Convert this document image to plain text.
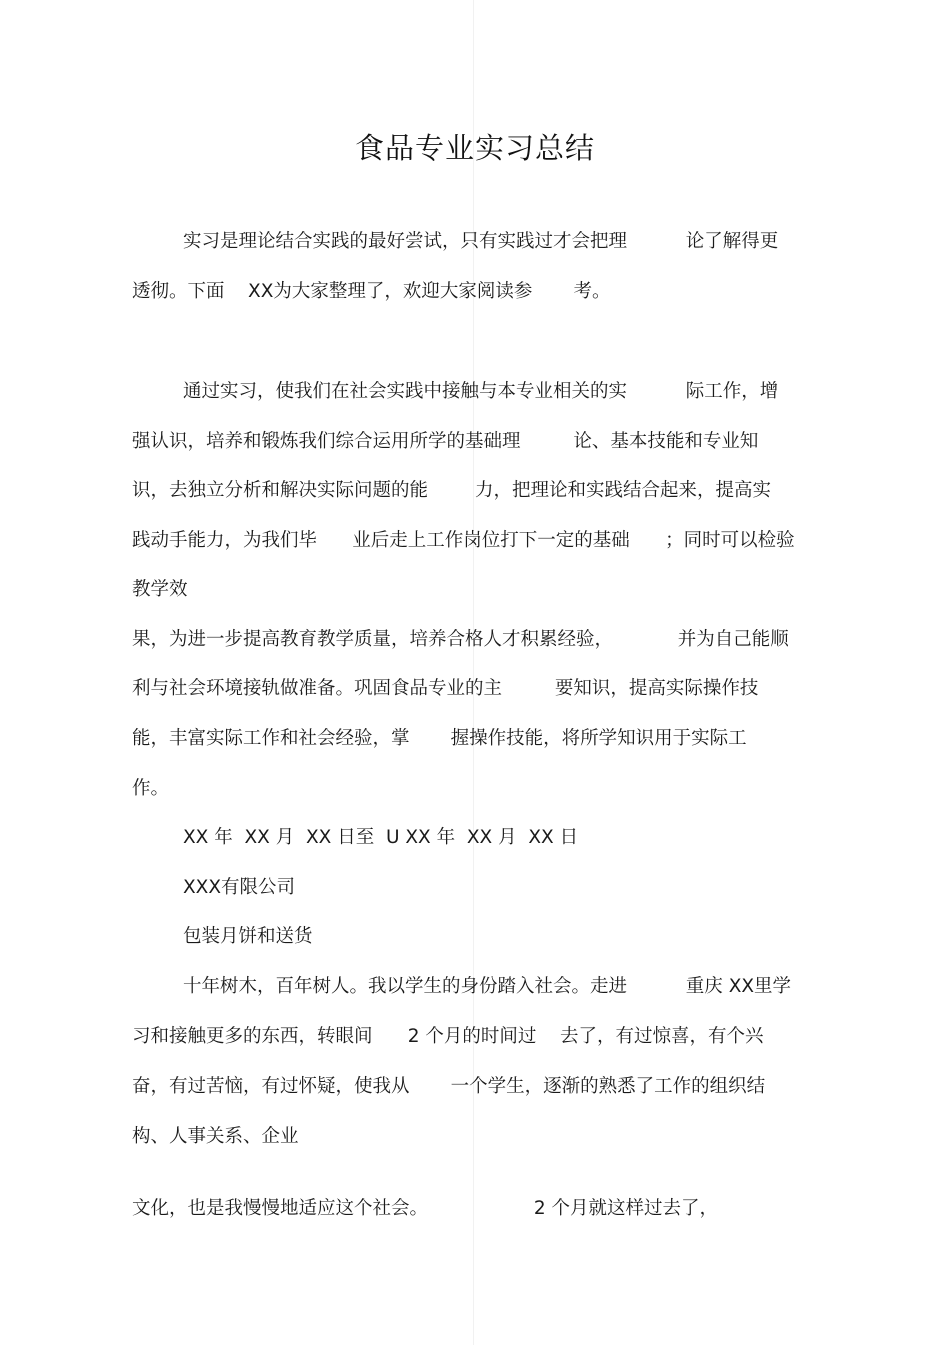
食品专业实习总结
实习是理论结合实践的最好尝试，只有实践过才会把理          论了解得更
透彻。下面    XX为大家整理了，欢迎大家阅读参       考。
通过实习，使我们在社会实践中接触与本专业相关的实          际工作，增
强认识，培养和锻炼我们综合运用所学的基础理         论、基本技能和专业知
识，去独立分析和解决实际问题的能        力，把理论和实践结合起来，提高实
践动手能力，为我们毕      业后走上工作岗位打下一定的基础      ；同时可以检验
教学效
果，为进一步提高教育教学质量，培养合格人才积累经验，           并为自己能顺
利与社会环境接轨做准备。巩固食品专业的主         要知识，提高实际操作技
能，丰富实际工作和社会经验，掌       握操作技能，将所学知识用于实际工
作。
XX 年  XX 月  XX 日至  U XX 年  XX 月  XX 日
XXX有限公司
包装月饼和送货
十年树木，百年树人。我以学生的身份踏入社会。走进          重庆 XX里学
习和接触更多的东西，转眼间      2 个月的时间过    去了，有过惊喜，有个兴
奋，有过苦恼，有过怀疑，使我从       一个学生，逐渐的熟悉了工作的组织结
构、人事关系、企业
文化，也是我慢慢地适应这个社会。                  2 个月就这样过去了，
